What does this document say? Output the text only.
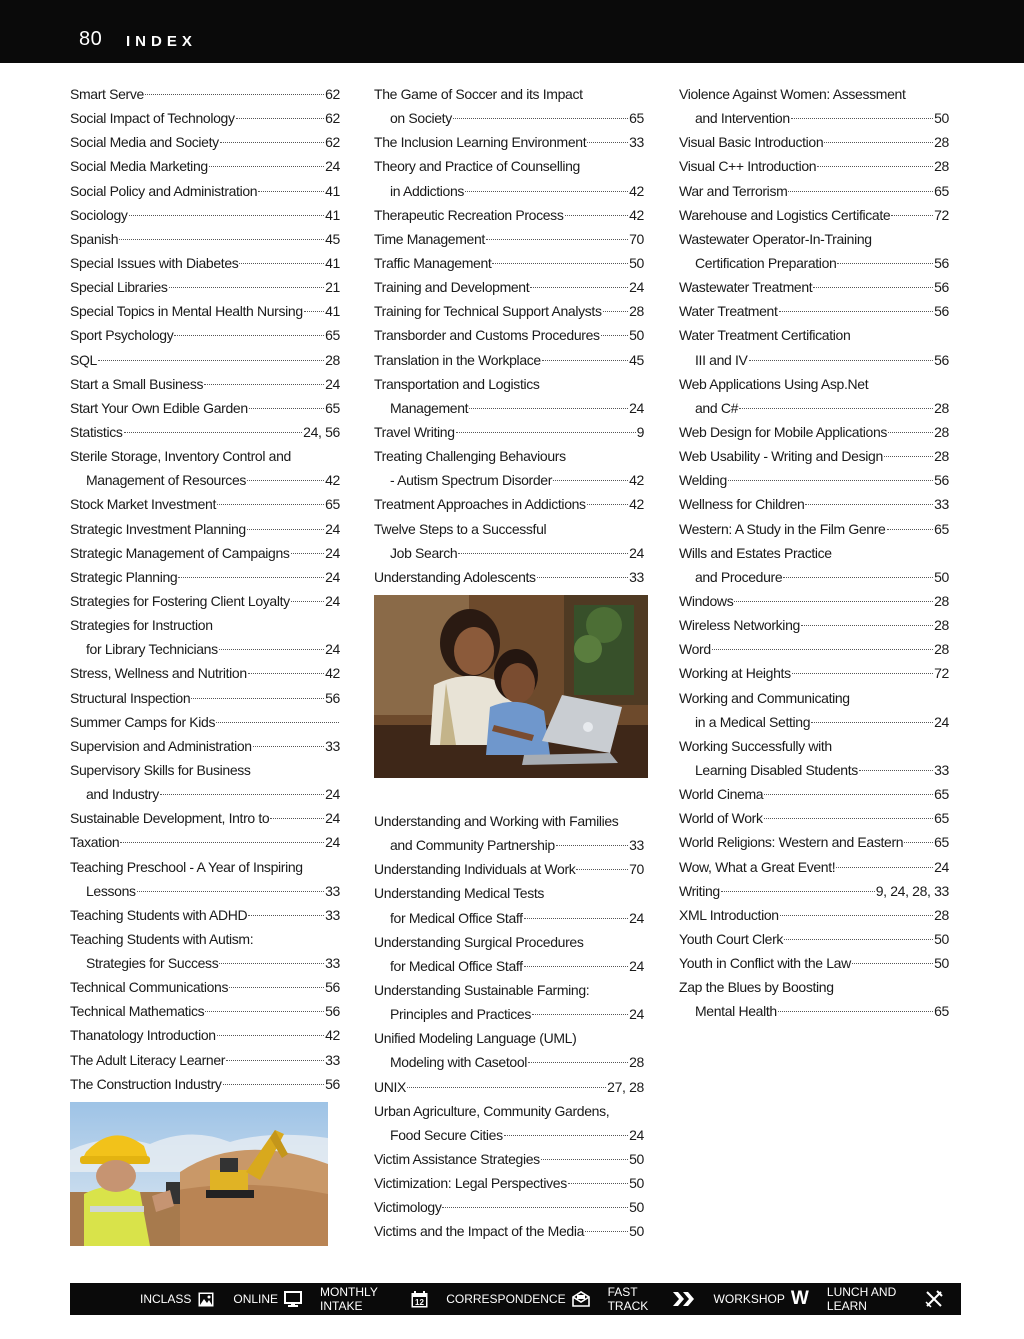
80 INDEX
Smart Serve	62
Social Impact of Technology	62
Social Media and Society	62
Social Media Marketing	24
Social Policy and Administration	41
Sociology	41
Spanish	45
Special Issues with Diabetes	41
Special Libraries	21
Special Topics in Mental Health Nursing 41
Sport Psychology	65
SQL	28
Start a Small Business	24
Start Your Own Edible Garden	65
Statistics	24, 56
Sterile Storage, Inventory Control and
Management of Resources	42
Stock Market Investment	65
Strategic Investment Planning	24
Strategic Management of Campaigns	24
Strategic Planning	24
Strategies for Fostering Client Loyalty	24
Strategies for Instruction
for Library Technicians	24
Stress, Wellness and Nutrition	42
Structural Inspection	56
Summer Camps for Kids
Supervision and Administration	33
Supervisory Skills for Business
and Industry	24
Sustainable Development, Intro to	24
Taxation	24
Teaching Preschool - A Year of Inspiring
Lessons	33
Teaching Students with ADHD	33
Teaching Students with Autism:
Strategies for Success	33
Technical Communications	56
Technical Mathematics	56
Thanatology Introduction	42
The Adult Literacy Learner	33
The Construction Industry	56
The Game of Soccer and its Impact
on Society	65
The Inclusion Learning Environment	33
Theory and Practice of Counselling
in Addictions	42
Therapeutic Recreation Process	42
Time Management	70
Traffic Management	50
Training and Development	24
Training for Technical Support Analysts 28
Transborder and Customs Procedures 50
Translation in the Workplace	45
Transportation and Logistics
Management	24
Travel Writing	9
Treating Challenging Behaviours
- Autism Spectrum Disorder	42
Treatment Approaches in Addictions	42
Twelve Steps to a Successful
Job Search	24
Understanding Adolescents	33
Understanding and Working with Families
and Community Partnership	33
Understanding Individuals at Work	70
Understanding Medical Tests
for Medical Office Staff	24
Understanding Surgical Procedures
for Medical Office Staff	24
Understanding Sustainable Farming:
Principles and Practices	24
Unified Modeling Language (UML)
Modeling with Casetool	28
UNIX	27, 28
Urban Agriculture, Community Gardens,
Food Secure Cities	24
Victim Assistance Strategies	50
Victimization: Legal Perspectives	50
Victimology	50
Victims and the Impact of the Media	50
Violence Against Women: Assessment
and Intervention	50
Visual Basic Introduction	28
Visual C++ Introduction	28
War and Terrorism	65
Warehouse and Logistics Certificate	72
Wastewater Operator-In-Training
Certification Preparation	56
Wastewater Treatment	56
Water Treatment	56
Water Treatment Certification
III and IV	56
Web Applications Using Asp.Net
and C#	28
Web Design for Mobile Applications	28
Web Usability - Writing and Design	28
Welding	56
Wellness for Children	33
Western: A Study in the Film Genre	65
Wills and Estates Practice
and Procedure	50
Windows	28
Wireless Networking	28
Word	28
Working at Heights	72
Working and Communicating
in a Medical Setting	24
Working Successfully with
Learning Disabled Students	33
World Cinema	65
World of Work	65
World Religions: Western and Eastern 65
Wow, What a Great Event!	24
Writing	9, 24, 28, 33
XML Introduction	28
Youth Court Clerk	50
Youth in Conflict with the Law	50
Zap the Blues by Boosting
Mental Health	65
INCLASS	ONLINE	MONTHLY INTAKE	12 CORRESPONDENCE	FAST TRACK	WORKSHOP W LUNCH AND LEARN
